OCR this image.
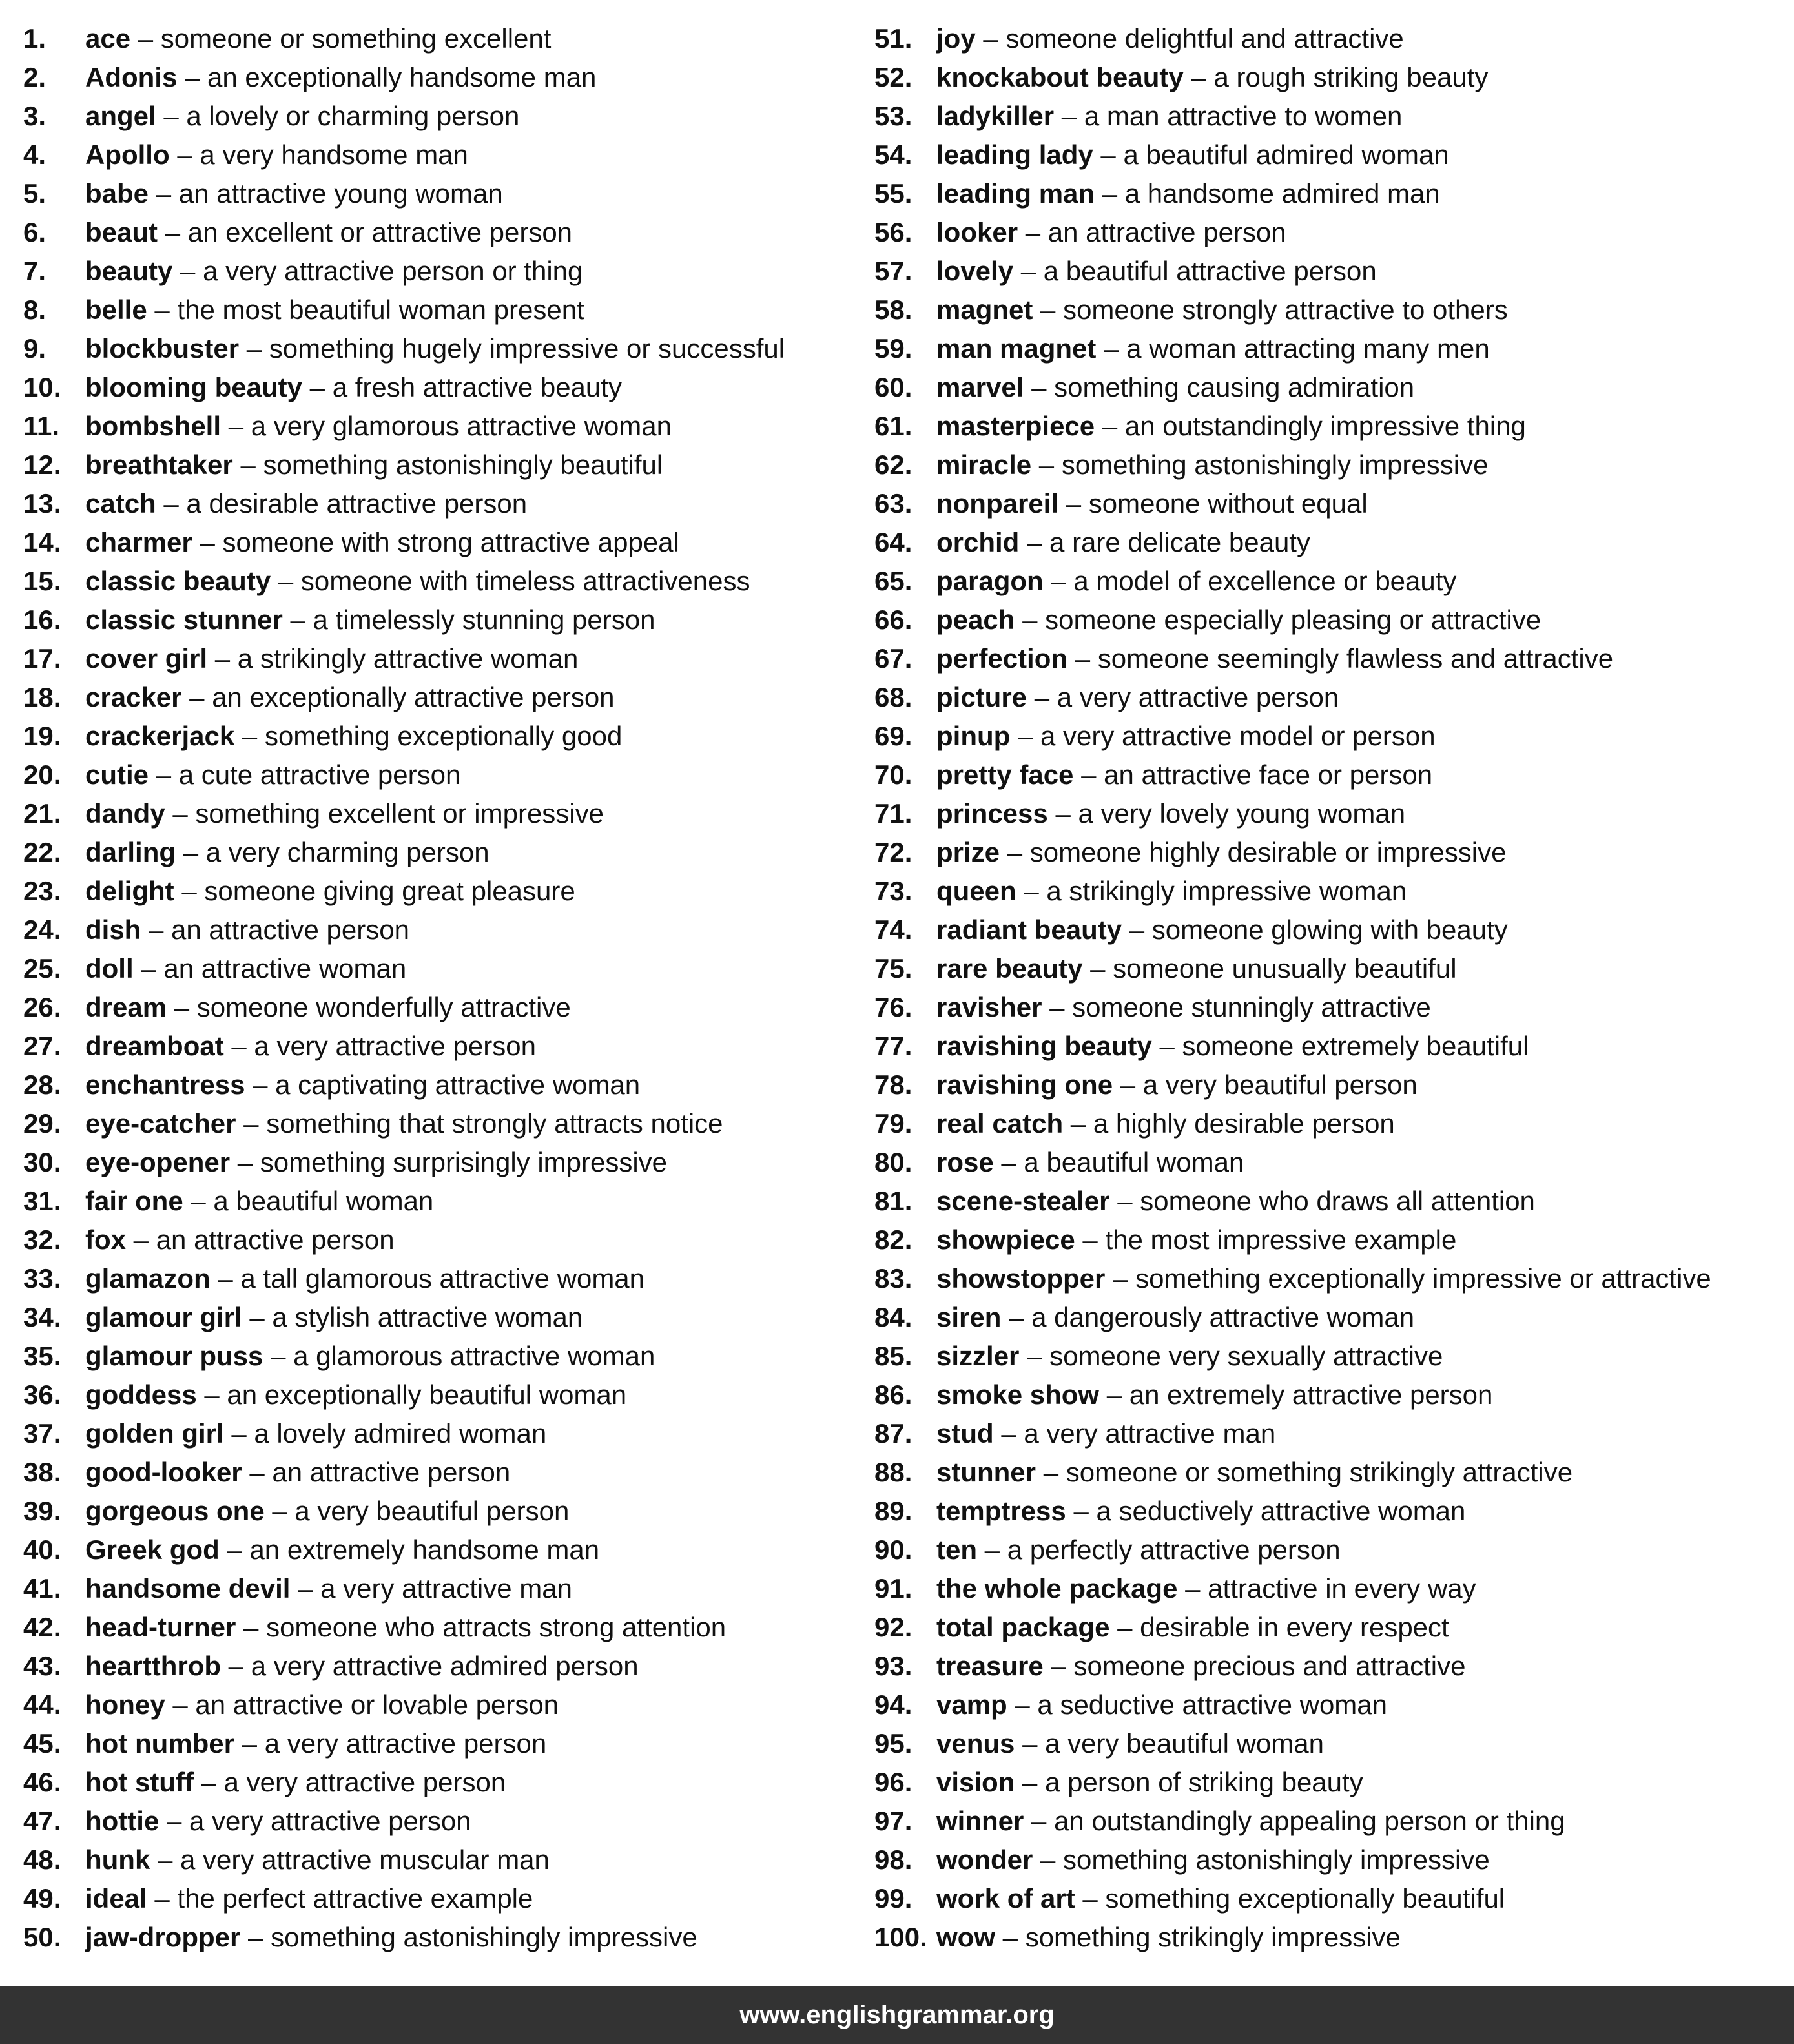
1. ace – someone or something excellent
2. Adonis – an exceptionally handsome man
3. angel – a lovely or charming person
4. Apollo – a very handsome man
5. babe – an attractive young woman
6. beaut – an excellent or attractive person
7. beauty – a very attractive person or thing
8. belle – the most beautiful woman present
9. blockbuster – something hugely impressive or successful
10. blooming beauty – a fresh attractive beauty
11. bombshell – a very glamorous attractive woman
12. breathtaker – something astonishingly beautiful
13. catch – a desirable attractive person
14. charmer – someone with strong attractive appeal
15. classic beauty – someone with timeless attractiveness
16. classic stunner – a timelessly stunning person
17. cover girl – a strikingly attractive woman
18. cracker – an exceptionally attractive person
19. crackerjack – something exceptionally good
20. cutie – a cute attractive person
21. dandy – something excellent or impressive
22. darling – a very charming person
23. delight – someone giving great pleasure
24. dish – an attractive person
25. doll – an attractive woman
26. dream – someone wonderfully attractive
27. dreamboat – a very attractive person
28. enchantress – a captivating attractive woman
29. eye-catcher – something that strongly attracts notice
30. eye-opener – something surprisingly impressive
31. fair one – a beautiful woman
32. fox – an attractive person
33. glamazon – a tall glamorous attractive woman
34. glamour girl – a stylish attractive woman
35. glamour puss – a glamorous attractive woman
36. goddess – an exceptionally beautiful woman
37. golden girl – a lovely admired woman
38. good-looker – an attractive person
39. gorgeous one – a very beautiful person
40. Greek god – an extremely handsome man
41. handsome devil – a very attractive man
42. head-turner – someone who attracts strong attention
43. heartthrob – a very attractive admired person
44. honey – an attractive or lovable person
45. hot number – a very attractive person
46. hot stuff – a very attractive person
47. hottie – a very attractive person
48. hunk – a very attractive muscular man
49. ideal – the perfect attractive example
50. jaw-dropper – something astonishingly impressive
51. joy – someone delightful and attractive
52. knockabout beauty – a rough striking beauty
53. ladykiller – a man attractive to women
54. leading lady – a beautiful admired woman
55. leading man – a handsome admired man
56. looker – an attractive person
57. lovely – a beautiful attractive person
58. magnet – someone strongly attractive to others
59. man magnet – a woman attracting many men
60. marvel – something causing admiration
61. masterpiece – an outstandingly impressive thing
62. miracle – something astonishingly impressive
63. nonpareil – someone without equal
64. orchid – a rare delicate beauty
65. paragon – a model of excellence or beauty
66. peach – someone especially pleasing or attractive
67. perfection – someone seemingly flawless and attractive
68. picture – a very attractive person
69. pinup – a very attractive model or person
70. pretty face – an attractive face or person
71. princess – a very lovely young woman
72. prize – someone highly desirable or impressive
73. queen – a strikingly impressive woman
74. radiant beauty – someone glowing with beauty
75. rare beauty – someone unusually beautiful
76. ravisher – someone stunningly attractive
77. ravishing beauty – someone extremely beautiful
78. ravishing one – a very beautiful person
79. real catch – a highly desirable person
80. rose – a beautiful woman
81. scene-stealer – someone who draws all attention
82. showpiece – the most impressive example
83. showstopper – something exceptionally impressive or attractive
84. siren – a dangerously attractive woman
85. sizzler – someone very sexually attractive
86. smoke show – an extremely attractive person
87. stud – a very attractive man
88. stunner – someone or something strikingly attractive
89. temptress – a seductively attractive woman
90. ten – a perfectly attractive person
91. the whole package – attractive in every way
92. total package – desirable in every respect
93. treasure – someone precious and attractive
94. vamp – a seductive attractive woman
95. venus – a very beautiful woman
96. vision – a person of striking beauty
97. winner – an outstandingly appealing person or thing
98. wonder – something astonishingly impressive
99. work of art – something exceptionally beautiful
100. wow – something strikingly impressive
www.englishgrammar.org
